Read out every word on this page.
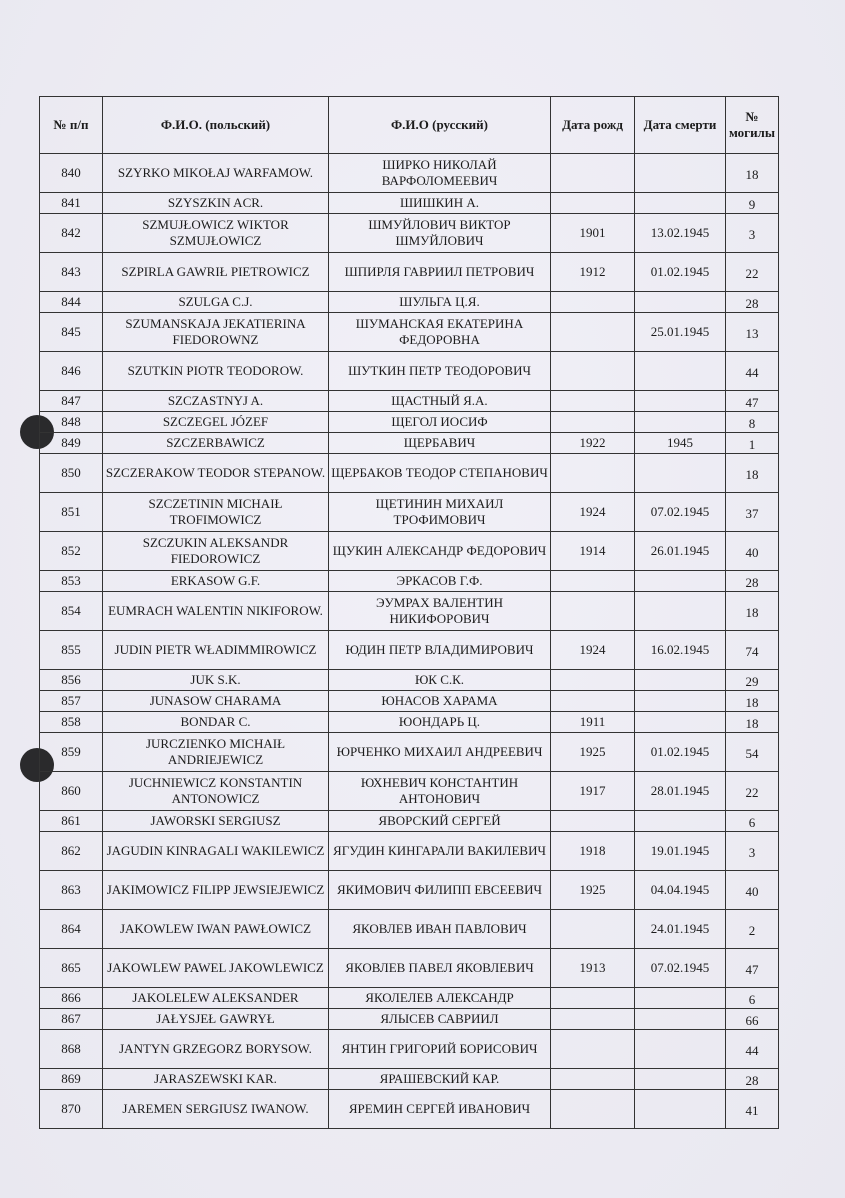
№ п/п	Ф.И.О. (польский)	Ф.И.О (русский)	Дата рожд	Дата смерти	№ могилы
840	SZYRKO MIKOŁAJ WARFAMOW.	ШИРКО НИКОЛАЙ ВАРФОЛОМЕЕВИЧ			18
841	SZYSZKIN ACR.	ШИШКИН А.			9
842	SZMUJŁOWICZ WIKTOR SZMUJŁOWICZ	ШМУЙЛОВИЧ ВИКТОР ШМУЙЛОВИЧ	1901	13.02.1945	3
843	SZPIRLA GAWRIŁ PIETROWICZ	ШПИРЛЯ ГАВРИИЛ ПЕТРОВИЧ	1912	01.02.1945	22
844	SZULGA C.J.	ШУЛЬГА Ц.Я.			28
845	SZUMANSKAJA JEKATIERINA FIEDOROWNZ	ШУМАНСКАЯ ЕКАТЕРИНА ФЕДОРОВНА		25.01.1945	13
846	SZUTKIN PIOTR TEODOROW.	ШУТКИН ПЕТР ТЕОДОРОВИЧ			44
847	SZCZASTNYJ A.	ЩАСТНЫЙ Я.А.			47
848	SZCZEGEL JÓZEF	ЩЕГОЛ ИОСИФ			8
849	SZCZERBAWICZ	ЩЕРБАВИЧ	1922	1945	1
850	SZCZERAKOW TEODOR STEPANOW.	ЩЕРБАКОВ ТЕОДОР СТЕПАНОВИЧ			18
851	SZCZETININ MICHAIŁ TROFIMOWICZ	ЩЕТИНИН МИХАИЛ ТРОФИМОВИЧ	1924	07.02.1945	37
852	SZCZUKIN ALEKSANDR FIEDOROWICZ	ЩУКИН АЛЕКСАНДР ФЕДОРОВИЧ	1914	26.01.1945	40
853	ERKASOW G.F.	ЭРКАСОВ Г.Ф.			28
854	EUMRACH WALENTIN NIKIFOROW.	ЭУМРАХ ВАЛЕНТИН НИКИФОРОВИЧ			18
855	JUDIN PIETR WŁADIMMIROWICZ	ЮДИН ПЕТР ВЛАДИМИРОВИЧ	1924	16.02.1945	74
856	JUK S.K.	ЮК С.К.			29
857	JUNASOW CHARAMA	ЮНАСОВ ХАРАМА			18
858	BONDAR C.	ЮОНДАРЬ Ц.	1911		18
859	JURCZIENKO MICHAIŁ ANDRIEJEWICZ	ЮРЧЕНКО МИХАИЛ АНДРЕЕВИЧ	1925	01.02.1945	54
860	JUCHNIEWICZ KONSTANTIN ANTONOWICZ	ЮХНЕВИЧ КОНСТАНТИН АНТОНОВИЧ	1917	28.01.1945	22
861	JAWORSKI SERGIUSZ	ЯВОРСКИЙ СЕРГЕЙ			6
862	JAGUDIN KINRAGALI WAKILEWICZ	ЯГУДИН КИНГАРАЛИ ВАКИЛЕВИЧ	1918	19.01.1945	3
863	JAKIMOWICZ FILIPP JEWSIEJEWICZ	ЯКИМОВИЧ ФИЛИПП ЕВСЕЕВИЧ	1925	04.04.1945	40
864	JAKOWLEW IWAN PAWŁOWICZ	ЯКОВЛЕВ ИВАН ПАВЛОВИЧ		24.01.1945	2
865	JAKOWLEW PAWEL JAKOWLEWICZ	ЯКОВЛЕВ ПАВЕЛ ЯКОВЛЕВИЧ	1913	07.02.1945	47
866	JAKOLELEW ALEKSANDER	ЯКОЛЕЛЕВ АЛЕКСАНДР			6
867	JAŁYSJEŁ GAWRYŁ	ЯЛЫСЕВ САВРИИЛ			66
868	JANTYN GRZEGORZ BORYSOW.	ЯНТИН ГРИГОРИЙ БОРИСОВИЧ			44
869	JARASZEWSKI KAR.	ЯРАШЕВСКИЙ КАР.			28
870	JAREMEN SERGIUSZ IWANOW.	ЯРЕМИН СЕРГЕЙ ИВАНОВИЧ			41
